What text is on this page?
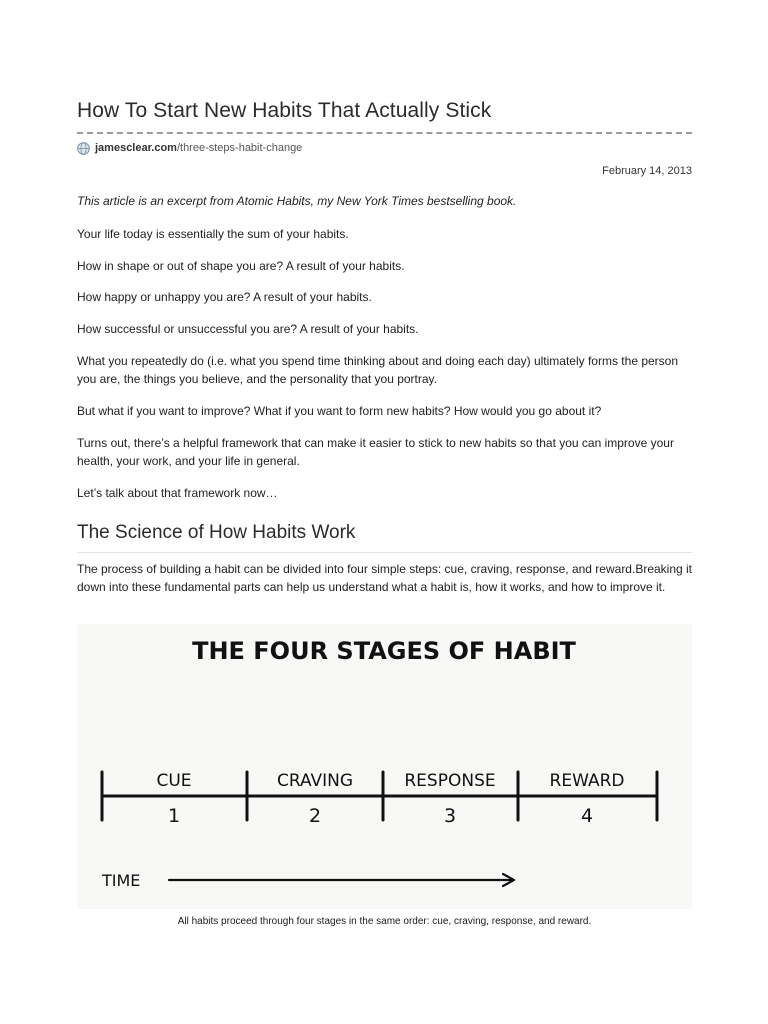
How To Start New Habits That Actually Stick
jamesclear.com /three-steps-habit-change
February 14, 2013

This article is an excerpt from Atomic Habits, my New York Times bestselling book.

Your life today is essentially the sum of your habits.

How in shape or out of shape you are? A result of your habits.

How happy or unhappy you are? A result of your habits.

How successful or unsuccessful you are? A result of your habits.

What you repeatedly do (i.e. what you spend time thinking about and doing each day) ultimately forms the person you are, the things you believe, and the personality that you portray.

But what if you want to improve? What if you want to form new habits? How would you go about it?

Turns out, there’s a helpful framework that can make it easier to stick to new habits so that you can improve your health, your work, and your life in general.

Let’s talk about that framework now…

The Science of How Habits Work

The process of building a habit can be divided into four simple steps: cue, craving, response, and reward.Breaking it down into these fundamental parts can help us understand what a habit is, how it works, and how to improve it.

THE FOUR STAGES OF HABIT
CUE	CRAVING	RESPONSE	REWARD
1	2	3	4
TIME
All habits proceed through four stages in the same order: cue, craving, response, and reward.
